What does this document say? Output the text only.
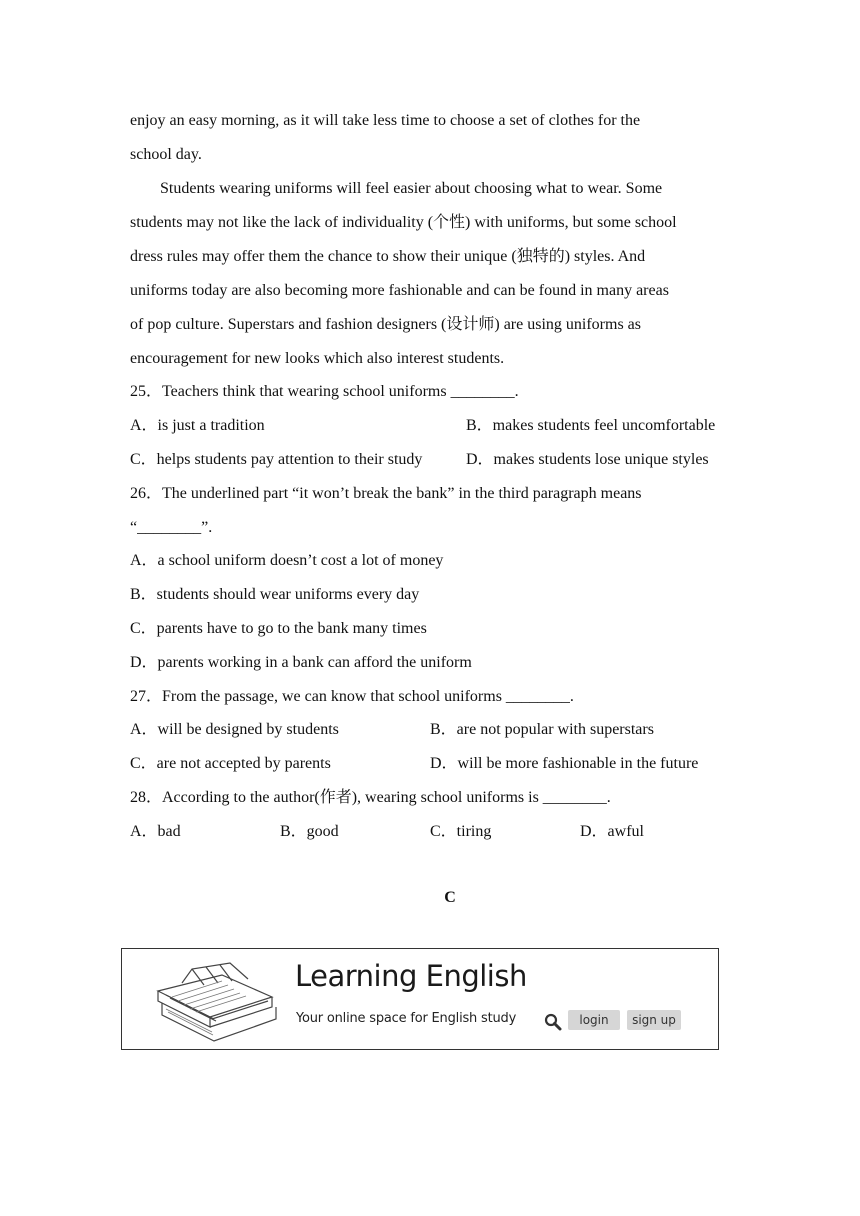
enjoy an easy morning, as it will take less time to choose a set of clothes for the
school day.
Students wearing uniforms will feel easier about choosing what to wear. Some
students may not like the lack of individuality (个性) with uniforms, but some school
dress rules may offer them the chance to show their unique (独特的) styles. And
uniforms today are also becoming more fashionable and can be found in many areas
of pop culture. Superstars and fashion designers (设计师) are using uniforms as
encouragement for new looks which also interest students.
25．Teachers think that wearing school uniforms ________.
A．is just a tradition	B．makes students feel uncomfortable
C．helps students pay attention to their study	D．makes students lose unique styles
26．The underlined part “it won’t break the bank” in the third paragraph means
“________”.
A．a school uniform doesn’t cost a lot of money
B．students should wear uniforms every day
C．parents have to go to the bank many times
D．parents working in a bank can afford the uniform
27．From the passage, we can know that school uniforms ________.
A．will be designed by students	B．are not popular with superstars
C．are not accepted by parents	D．will be more fashionable in the future
28．According to the author(作者), wearing school uniforms is ________.
A．bad	B．good	C．tiring	D．awful
C
Learning English
Your online space for English study	login	sign up
